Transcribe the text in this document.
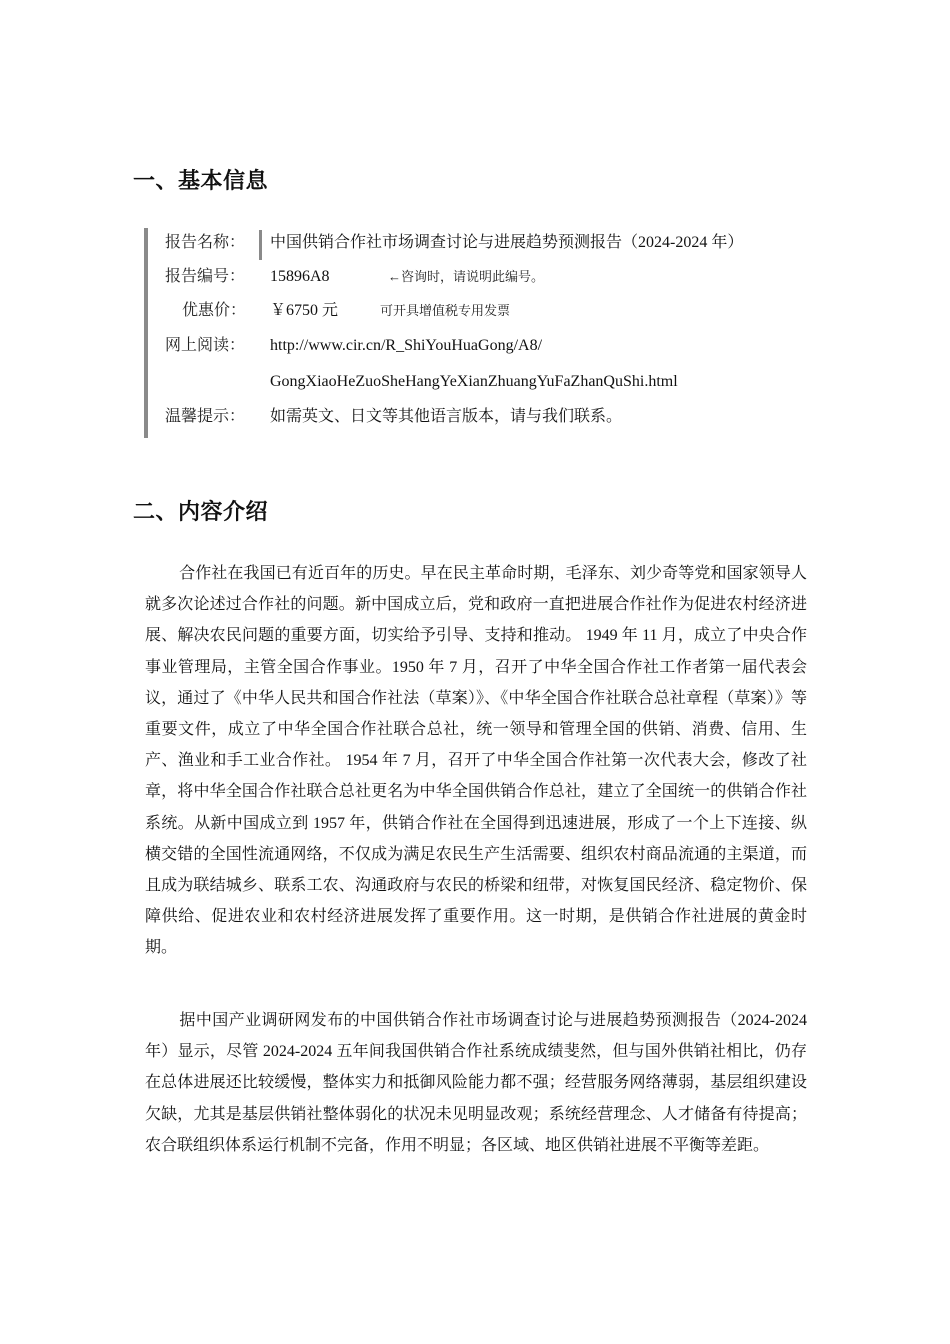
一、基本信息
报告名称： 中国供销合作社市场调查讨论与进展趋势预测报告（2024-2024 年）
报告编号： 15896A8	←咨询时，请说明此编号。
优惠价： ￥6750 元	可开具增值税专用发票
网上阅读： http://www.cir.cn/R_ShiYouHuaGong/A8/
GongXiaoHeZuoSheHangYeXianZhuangYuFaZhanQuShi.html
温馨提示： 如需英文、日文等其他语言版本，请与我们联系。
二、内容介绍

合作社在我国已有近百年的历史。早在民主革命时期，毛泽东、刘少奇等党和国家领导人就多次论述过合作社的问题。新中国成立后，党和政府一直把进展合作社作为促进农村经济进展、解决农民问题的重要方面，切实给予引导、支持和推动。 1949 年 11 月，成立了中央合作事业管理局，主管全国合作事业。1950 年 7 月，召开了中华全国合作社工作者第一届代表会议，通过了《中华人民共和国合作社法（草案）》、《中华全国合作社联合总社章程（草案）》等重要文件，成立了中华全国合作社联合总社，统一领导和管理全国的供销、消费、信用、生产、渔业和手工业合作社。 1954 年 7 月，召开了中华全国合作社第一次代表大会，修改了社章，将中华全国合作社联合总社更名为中华全国供销合作总社，建立了全国统一的供销合作社系统。从新中国成立到 1957 年，供销合作社在全国得到迅速进展，形成了一个上下连接、纵横交错的全国性流通网络，不仅成为满足农民生产生活需要、组织农村商品流通的主渠道，而且成为联结城乡、联系工农、沟通政府与农民的桥梁和纽带，对恢复国民经济、稳定物价、保障供给、促进农业和农村经济进展发挥了重要作用。这一时期，是供销合作社进展的黄金时期。

据中国产业调研网发布的中国供销合作社市场调查讨论与进展趋势预测报告（2024-2024 年）显示，尽管 2024-2024 五年间我国供销合作社系统成绩斐然，但与国外供销社相比，仍存在总体进展还比较缓慢，整体实力和抵御风险能力都不强；经营服务网络薄弱，基层组织建设欠缺，尤其是基层供销社整体弱化的状况未见明显改观；系统经营理念、人才储备有待提高；农合联组织体系运行机制不完备，作用不明显；各区域、地区供销社进展不平衡等差距。
